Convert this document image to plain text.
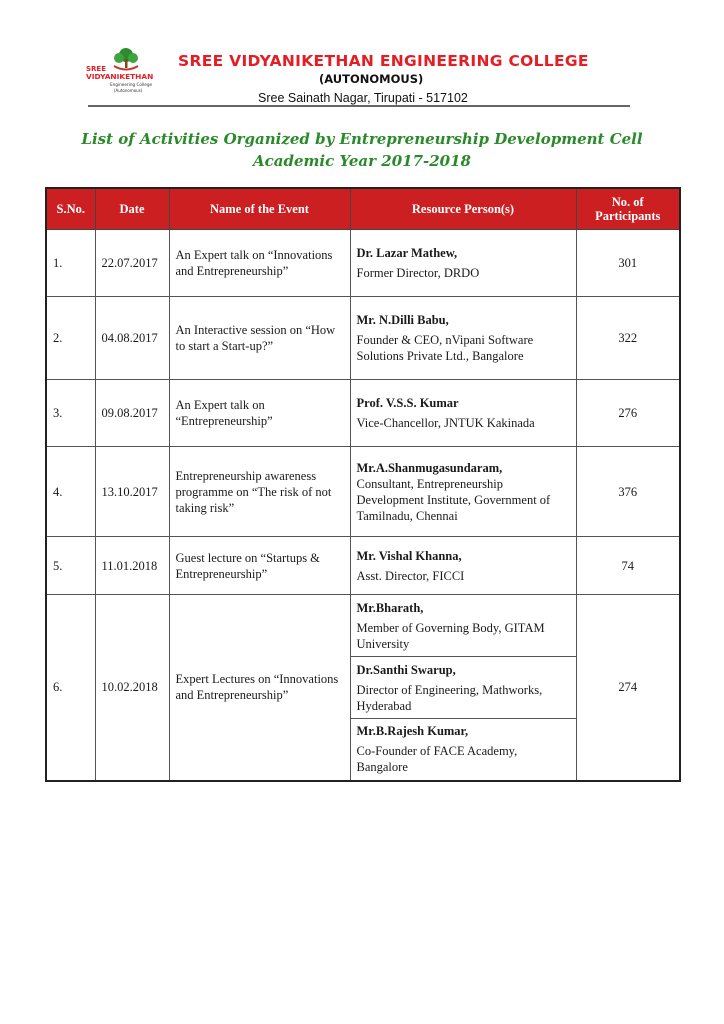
SREE
VIDYANIKETHAN
Engineering College
(Autonomous)
SREE VIDYANIKETHAN ENGINEERING COLLEGE
(AUTONOMOUS)
Sree Sainath Nagar, Tirupati - 517102
List of Activities Organized by Entrepreneurship Development Cell
Academic Year 2017-2018
S.No.	Date	Name of the Event	Resource Person(s)	No. of Participants
1.	22.07.2017	An Expert talk on “Innovations and Entrepreneurship”	Dr. Lazar Mathew,
Former Director, DRDO	301
2.	04.08.2017	An Interactive session on “How to start a Start-up?”	Mr. N.Dilli Babu,
Founder & CEO, nVipani Software Solutions Private Ltd., Bangalore	322
3.	09.08.2017	An Expert talk on “Entrepreneurship”	Prof. V.S.S. Kumar
Vice-Chancellor, JNTUK Kakinada	276
4.	13.10.2017	Entrepreneurship awareness programme on “The risk of not taking risk”	Mr.A.Shanmugasundaram,
Consultant, Entrepreneurship Development Institute, Government of Tamilnadu, Chennai	376
5.	11.01.2018	Guest lecture on “Startups & Entrepreneurship”	Mr. Vishal Khanna,
Asst. Director, FICCI	74
6.	10.02.2018	Expert Lectures on “Innovations and Entrepreneurship”	Mr.Bharath,
Member of Governing Body, GITAM University	274

			Dr.Santhi Swarup,
Director of Engineering, Mathworks, Hyderabad	

			Mr.B.Rajesh Kumar,
Co-Founder of FACE Academy, Bangalore	
